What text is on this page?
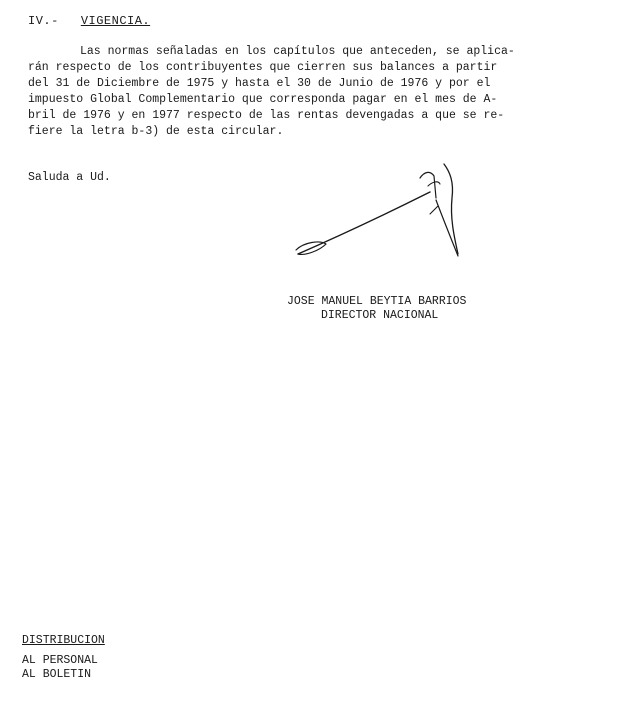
IV.- VIGENCIA.
Las normas señaladas en los capítulos que anteceden, se aplica-
rán respecto de los contribuyentes que cierren sus balances a partir
del 31 de Diciembre de 1975 y hasta el 30 de Junio de 1976 y por el
impuesto Global Complementario que corresponda pagar en el mes de A-
bril de 1976 y en 1977 respecto de las rentas devengadas a que se re-
fiere la letra b-3) de esta circular.
Saluda a Ud.
JOSE MANUEL BEYTIA BARRIOS
DIRECTOR NACIONAL
DISTRIBUCION
AL PERSONAL
AL BOLETIN
